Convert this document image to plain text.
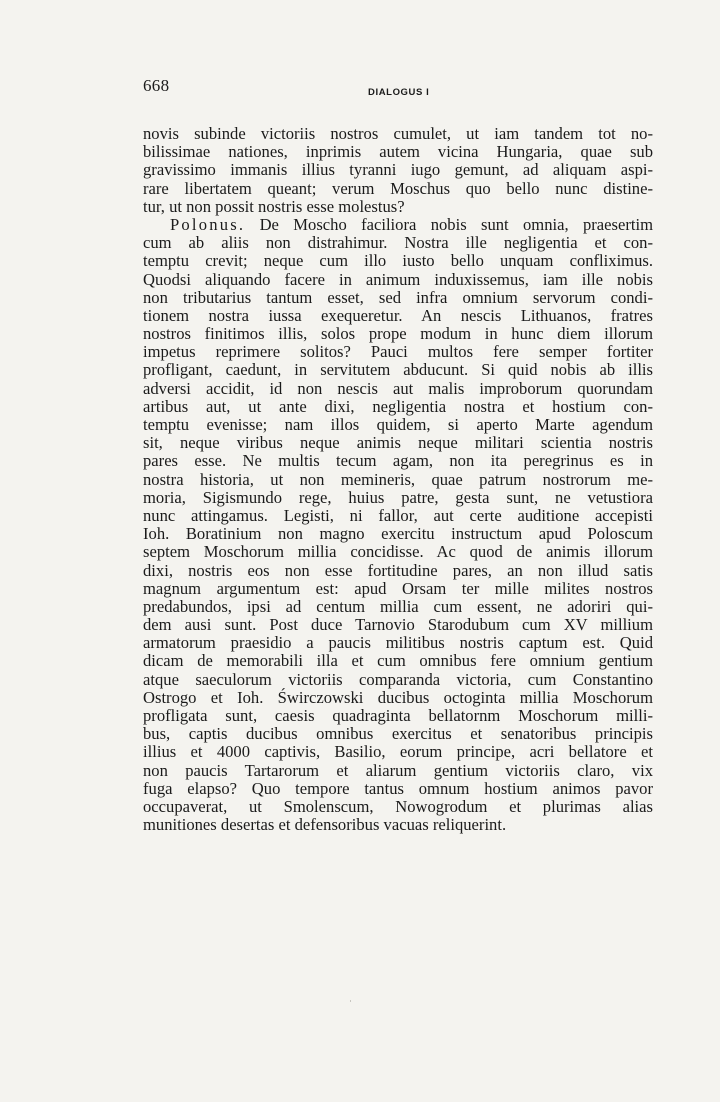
668	DIALOGUS I
novis subinde victoriis nostros cumulet, ut iam tandem tot no-
bilissimae nationes, inprimis autem vicina Hungaria, quae sub
gravissimo immanis illius tyranni iugo gemunt, ad aliquam aspi-
rare libertatem queant; verum Moschus quo bello nunc distine-
tur, ut non possit nostris esse molestus?
Polonus. De Moscho faciliora nobis sunt omnia, praesertim
cum ab aliis non distrahimur. Nostra ille negligentia et con-
temptu crevit; neque cum illo iusto bello unquam confliximus.
Quodsi aliquando facere in animum induxissemus, iam ille nobis
non tributarius tantum esset, sed infra omnium servorum condi-
tionem nostra iussa exequeretur. An nescis Lithuanos, fratres
nostros finitimos illis, solos prope modum in hunc diem illorum
impetus reprimere solitos? Pauci multos fere semper fortiter
profligant, caedunt, in servitutem abducunt. Si quid nobis ab illis
adversi accidit, id non nescis aut malis improborum quorundam
artibus aut, ut ante dixi, negligentia nostra et hostium con-
temptu evenisse; nam illos quidem, si aperto Marte agendum
sit, neque viribus neque animis neque militari scientia nostris
pares esse. Ne multis tecum agam, non ita peregrinus es in
nostra historia, ut non memineris, quae patrum nostrorum me-
moria, Sigismundo rege, huius patre, gesta sunt, ne vetustiora
nunc attingamus. Legisti, ni fallor, aut certe auditione accepisti
Ioh. Boratinium non magno exercitu instructum apud Poloscum
septem Moschorum millia concidisse. Ac quod de animis illorum
dixi, nostris eos non esse fortitudine pares, an non illud satis
magnum argumentum est: apud Orsam ter mille milites nostros
predabundos, ipsi ad centum millia cum essent, ne adoriri qui-
dem ausi sunt. Post duce Tarnovio Starodubum cum XV millium
armatorum praesidio a paucis militibus nostris captum est. Quid
dicam de memorabili illa et cum omnibus fere omnium gentium
atque saeculorum victoriis comparanda victoria, cum Constantino
Ostrogo et Ioh. Świrczowski ducibus octoginta millia Moschorum
profligata sunt, caesis quadraginta bellatornm Moschorum milli-
bus, captis ducibus omnibus exercitus et senatoribus principis
illius et 4000 captivis, Basilio, eorum principe, acri bellatore et
non paucis Tartarorum et aliarum gentium victoriis claro, vix
fuga elapso? Quo tempore tantus omnum hostium animos pavor
occupaverat, ut Smolenscum, Nowogrodum et plurimas alias
munitiones desertas et defensoribus vacuas reliquerint.
